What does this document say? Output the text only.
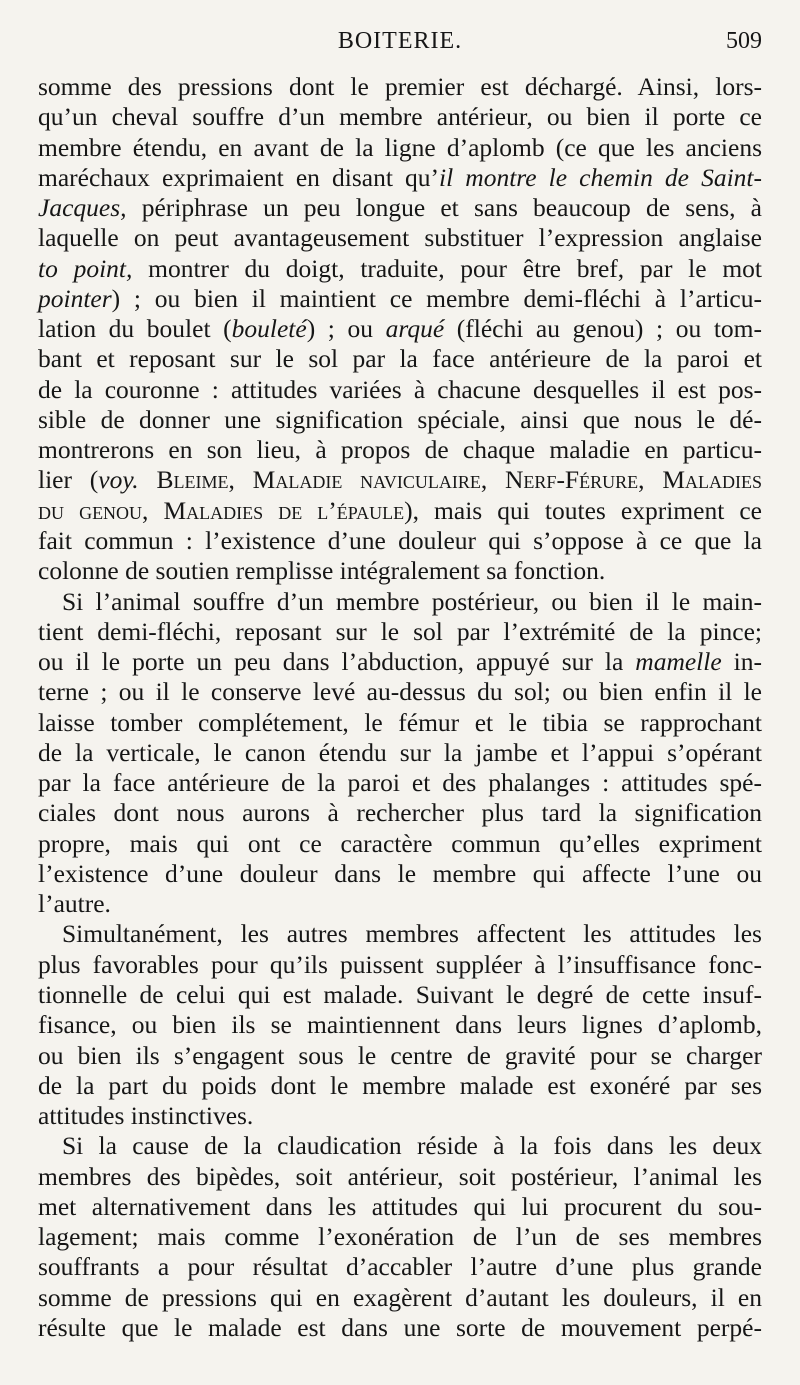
BOITERIE.	509
somme des pressions dont le premier est déchargé. Ainsi, lors-
qu’un cheval souffre d’un membre antérieur, ou bien il porte ce
membre étendu, en avant de la ligne d’aplomb (ce que les anciens
maréchaux exprimaient en disant qu’il montre le chemin de Saint-
Jacques, périphrase un peu longue et sans beaucoup de sens, à
laquelle on peut avantageusement substituer l’expression anglaise
to point, montrer du doigt, traduite, pour être bref, par le mot
pointer) ; ou bien il maintient ce membre demi-fléchi à l’articu-
lation du boulet (bouleté) ; ou arqué (fléchi au genou) ; ou tom-
bant et reposant sur le sol par la face antérieure de la paroi et
de la couronne : attitudes variées à chacune desquelles il est pos-
sible de donner une signification spéciale, ainsi que nous le dé-
montrerons en son lieu, à propos de chaque maladie en particu-
lier (voy. Bleime, Maladie naviculaire, Nerf-Férure, Maladies
du genou, Maladies de l’épaule), mais qui toutes expriment ce
fait commun : l’existence d’une douleur qui s’oppose à ce que la
colonne de soutien remplisse intégralement sa fonction.
Si l’animal souffre d’un membre postérieur, ou bien il le main-
tient demi-fléchi, reposant sur le sol par l’extrémité de la pince;
ou il le porte un peu dans l’abduction, appuyé sur la mamelle in-
terne ; ou il le conserve levé au-dessus du sol; ou bien enfin il le
laisse tomber complétement, le fémur et le tibia se rapprochant
de la verticale, le canon étendu sur la jambe et l’appui s’opérant
par la face antérieure de la paroi et des phalanges : attitudes spé-
ciales dont nous aurons à rechercher plus tard la signification
propre, mais qui ont ce caractère commun qu’elles expriment
l’existence d’une douleur dans le membre qui affecte l’une ou
l’autre.
Simultanément, les autres membres affectent les attitudes les
plus favorables pour qu’ils puissent suppléer à l’insuffisance fonc-
tionnelle de celui qui est malade. Suivant le degré de cette insuf-
fisance, ou bien ils se maintiennent dans leurs lignes d’aplomb,
ou bien ils s’engagent sous le centre de gravité pour se charger
de la part du poids dont le membre malade est exonéré par ses
attitudes instinctives.
Si la cause de la claudication réside à la fois dans les deux
membres des bipèdes, soit antérieur, soit postérieur, l’animal les
met alternativement dans les attitudes qui lui procurent du sou-
lagement; mais comme l’exonération de l’un de ses membres
souffrants a pour résultat d’accabler l’autre d’une plus grande
somme de pressions qui en exagèrent d’autant les douleurs, il en
résulte que le malade est dans une sorte de mouvement perpé-
